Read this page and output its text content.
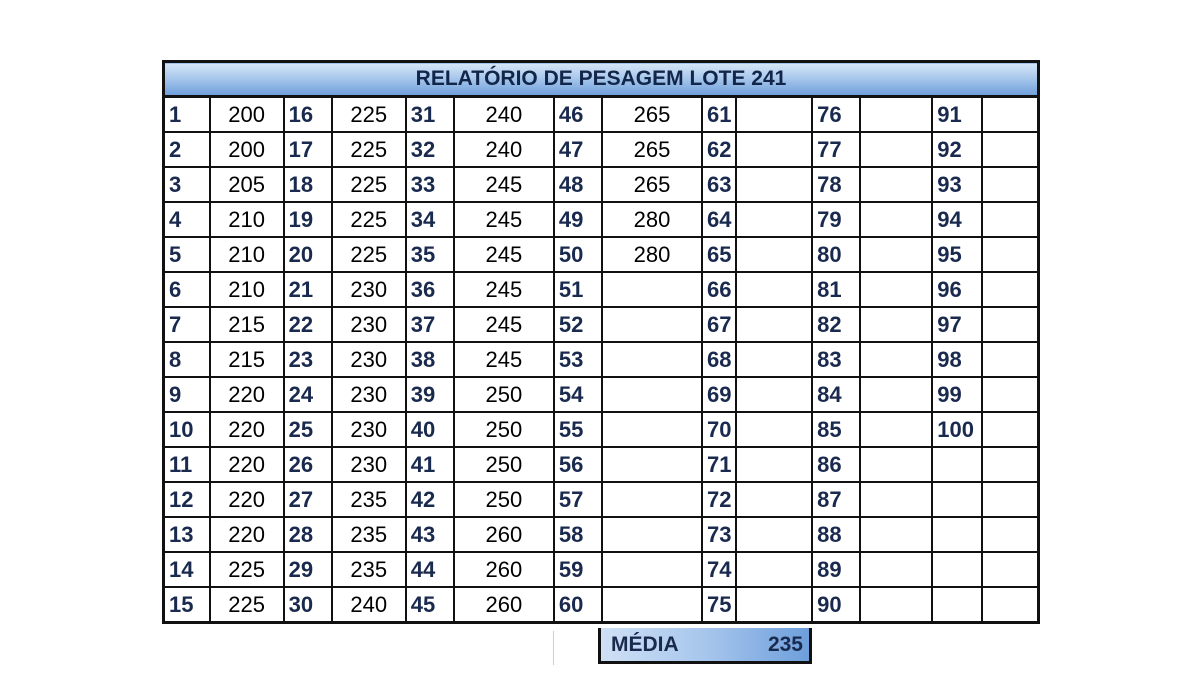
RELATÓRIO DE PESAGEM LOTE 241													
1	200	16	225	31	240	46	265	61		76		91	
2	200	17	225	32	240	47	265	62		77		92	
3	205	18	225	33	245	48	265	63		78		93	
4	210	19	225	34	245	49	280	64		79		94	
5	210	20	225	35	245	50	280	65		80		95	
6	210	21	230	36	245	51		66		81		96	
7	215	22	230	37	245	52		67		82		97	
8	215	23	230	38	245	53		68		83		98	
9	220	24	230	39	250	54		69		84		99	
10	220	25	230	40	250	55		70		85		100	
11	220	26	230	41	250	56		71		86			
12	220	27	235	42	250	57		72		87			
13	220	28	235	43	260	58		73		88			
14	225	29	235	44	260	59		74		89			
15	225	30	240	45	260	60		75		90			
MÉDIA	235
